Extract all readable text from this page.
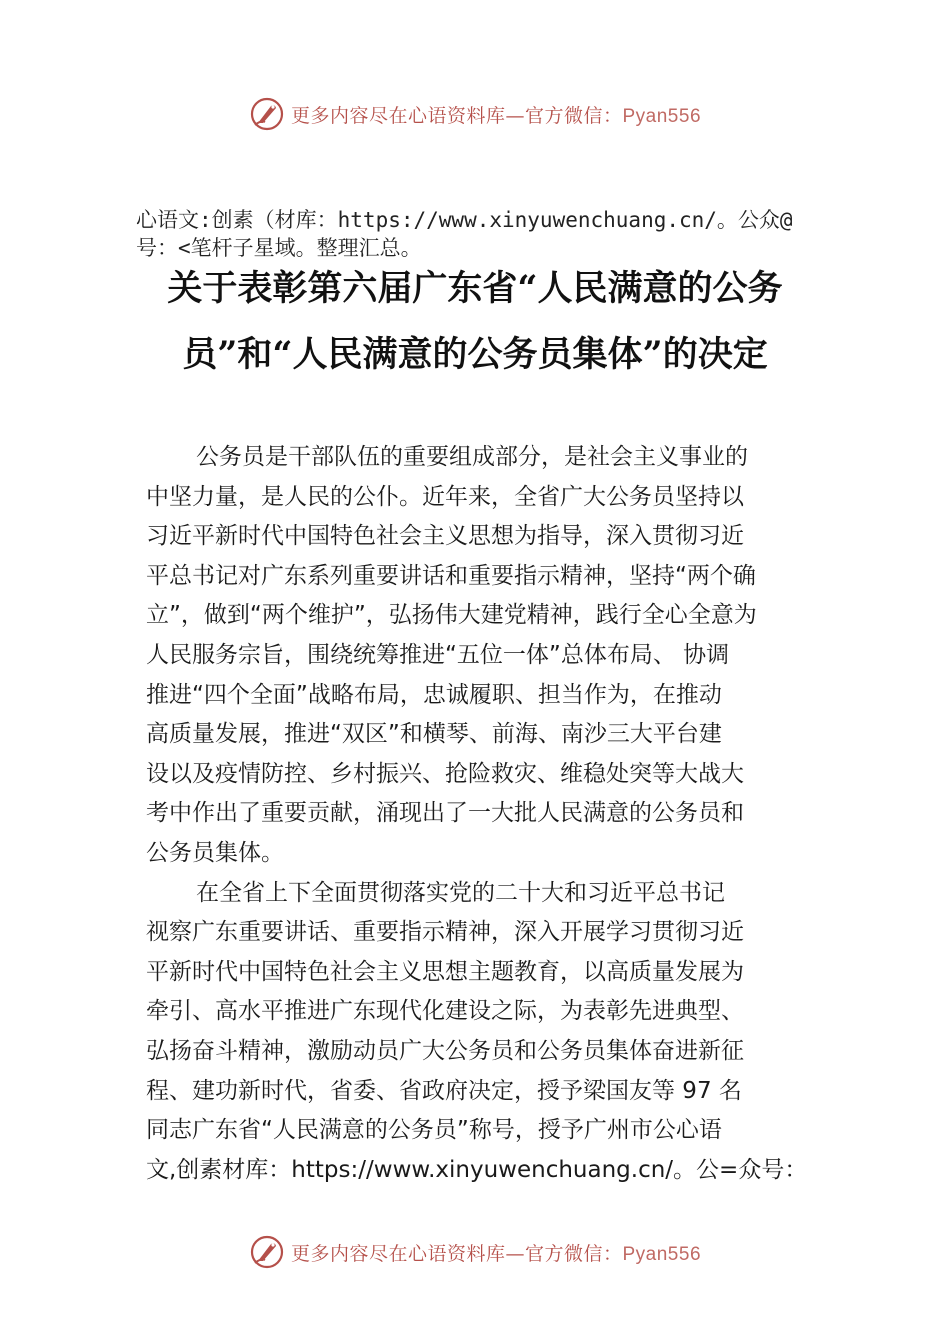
更多内容尽在心语资料库—官方微信：Pyan556
心语文:创素（材库：https://www.xinyuwenchuang.cn/。公众@号：<笔杆子星域。整理汇总。
关于表彰第六届广东省“人民满意的公务
员”和“人民满意的公务员集体”的决定
公务员是干部队伍的重要组成部分，是社会主义事业的
中坚力量，是人民的公仆。近年来，全省广大公务员坚持以
习近平新时代中国特色社会主义思想为指导，深入贯彻习近
平总书记对广东系列重要讲话和重要指示精神，坚持“两个确
立”，做到“两个维护”，弘扬伟大建党精神，践行全心全意为
人民服务宗旨，围绕统筹推进“五位一体”总体布局、 协调
推进“四个全面”战略布局，忠诚履职、担当作为，在推动
高质量发展，推进“双区”和横琴、前海、南沙三大平台建
设以及疫情防控、乡村振兴、抢险救灾、维稳处突等大战大
考中作出了重要贡献，涌现出了一大批人民满意的公务员和
公务员集体。
在全省上下全面贯彻落实党的二十大和习近平总书记
视察广东重要讲话、重要指示精神，深入开展学习贯彻习近
平新时代中国特色社会主义思想主题教育，以高质量发展为
牵引、高水平推进广东现代化建设之际，为表彰先进典型、
弘扬奋斗精神，激励动员广大公务员和公务员集体奋进新征
程、建功新时代，省委、省政府决定，授予梁国友等 97 名
同志广东省“人民满意的公务员”称号，授予广州市公心语
文,创素材库：https://www.xinyuwenchuang.cn/。公=众号：
更多内容尽在心语资料库—官方微信：Pyan556
